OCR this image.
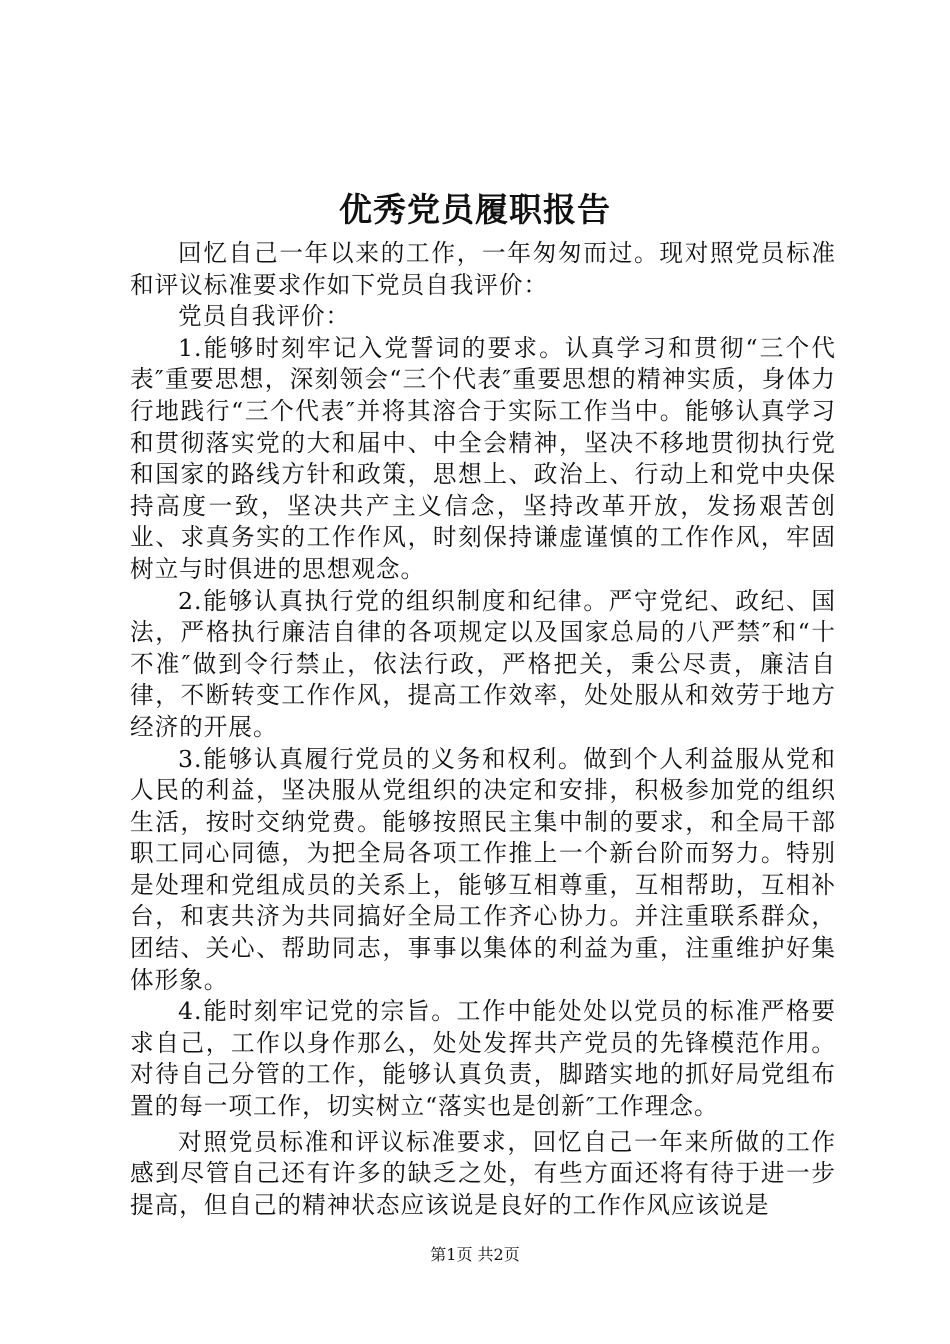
优秀党员履职报告

回忆自己一年以来的工作，一年匆匆而过。现对照党员标准和评议标准要求作如下党员自我评价：

党员自我评价：

1.能够时刻牢记入党誓词的要求。认真学习和贯彻“三个代表″重要思想，深刻领会“三个代表″重要思想的精神实质，身体力行地践行“三个代表″并将其溶合于实际工作当中。能够认真学习和贯彻落实党的大和届中、中全会精神，坚决不移地贯彻执行党和国家的路线方针和政策，思想上、政治上、行动上和党中央保持高度一致，坚决共产主义信念，坚持改革开放，发扬艰苦创业、求真务实的工作作风，时刻保持谦虚谨慎的工作作风，牢固树立与时俱进的思想观念。

2.能够认真执行党的组织制度和纪律。严守党纪、政纪、国法，严格执行廉洁自律的各项规定以及国家总局的八严禁″和“十不准″做到令行禁止，依法行政，严格把关，秉公尽责，廉洁自律，不断转变工作作风，提高工作效率，处处服从和效劳于地方经济的开展。

3.能够认真履行党员的义务和权利。做到个人利益服从党和人民的利益，坚决服从党组织的决定和安排，积极参加党的组织生活，按时交纳党费。能够按照民主集中制的要求，和全局干部职工同心同德，为把全局各项工作推上一个新台阶而努力。特别是处理和党组成员的关系上，能够互相尊重，互相帮助，互相补台，和衷共济为共同搞好全局工作齐心协力。并注重联系群众，团结、关心、帮助同志，事事以集体的利益为重，注重维护好集体形象。

4.能时刻牢记党的宗旨。工作中能处处以党员的标准严格要求自己，工作以身作那么，处处发挥共产党员的先锋模范作用。对待自己分管的工作，能够认真负责，脚踏实地的抓好局党组布置的每一项工作，切实树立“落实也是创新″工作理念。

对照党员标准和评议标准要求，回忆自己一年来所做的工作感到尽管自己还有许多的缺乏之处，有些方面还将有待于进一步提高，但自己的精神状态应该说是良好的工作作风应该说是

第1页 共2页
